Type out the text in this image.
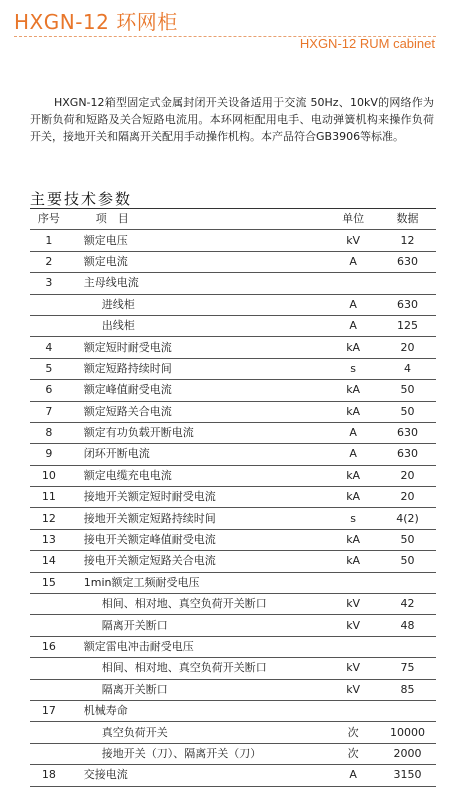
HXGN-12 环网柜
HXGN-12 RUM cabinet

HXGN-12箱型固定式金属封闭开关设备适用于交流 50Hz、10kV的网络作为开断负荷和短路及关合短路电流用。本环网柜配用电手、电动弹簧机构来操作负荷开关，接地开关和隔离开关配用手动操作机构。本产品符合GB3906等标准。

主要技术参数
序号	项　目	单位	数据
1	额定电压	kV	12
2	额定电流	A	630
3	主母线电流		
	进线柜	A	630
	出线柜	A	125
4	额定短时耐受电流	kA	20
5	额定短路持续时间	s	4
6	额定峰值耐受电流	kA	50
7	额定短路关合电流	kA	50
8	额定有功负载开断电流	A	630
9	闭环开断电流	A	630
10	额定电缆充电电流	kA	20
11	接地开关额定短时耐受电流	kA	20
12	接地开关额定短路持续时间	s	4(2)
13	接电开关额定峰值耐受电流	kA	50
14	接电开关额定短路关合电流	kA	50
15	1min额定工频耐受电压		
	相间、相对地、真空负荷开关断口	kV	42
	隔离开关断口	kV	48
16	额定雷电冲击耐受电压		
	相间、相对地、真空负荷开关断口	kV	75
	隔离开关断口	kV	85
17	机械寿命		
	真空负荷开关	次	10000
	接地开关（刀）、隔离开关（刀）	次	2000
18	交接电流	A	3150
